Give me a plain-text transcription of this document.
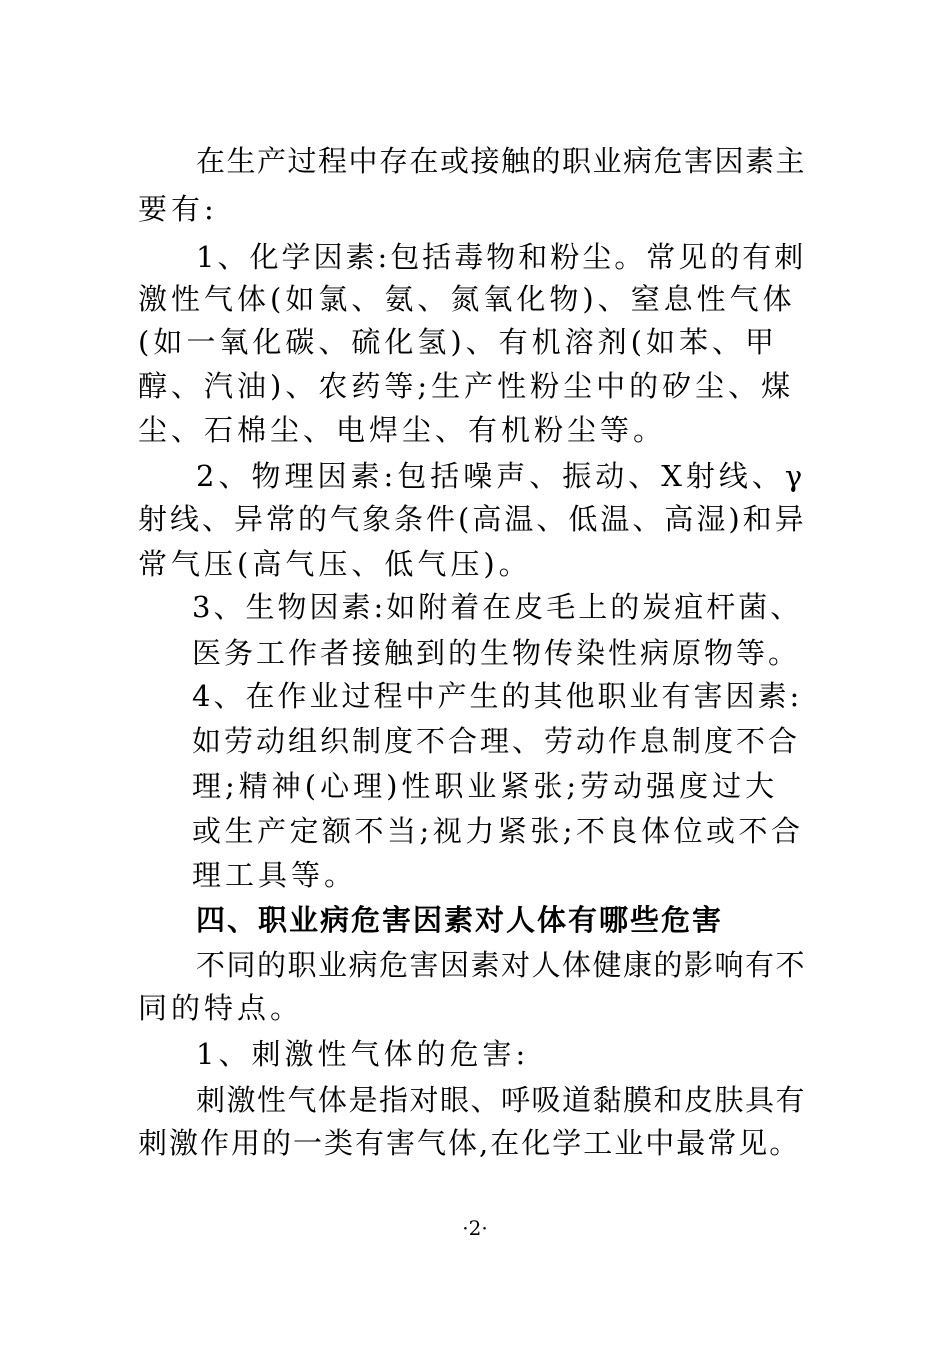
在生产过程中存在或接触的职业病危害因素主
要有:
1、化学因素:包括毒物和粉尘。常见的有刺
激性气体(如氯、氨、氮氧化物)、窒息性气体
(如一氧化碳、硫化氢)、有机溶剂(如苯、甲
醇、汽油)、农药等;生产性粉尘中的矽尘、煤
尘、石棉尘、电焊尘、有机粉尘等。
2、物理因素:包括噪声、振动、X射线、γ
射线、异常的气象条件(高温、低温、高湿)和异
常气压(高气压、低气压)。
3、生物因素:如附着在皮毛上的炭疽杆菌、
医务工作者接触到的生物传染性病原物等。
4、在作业过程中产生的其他职业有害因素:
如劳动组织制度不合理、劳动作息制度不合
理;精神(心理)性职业紧张;劳动强度过大
或生产定额不当;视力紧张;不良体位或不合
理工具等。
四、职业病危害因素对人体有哪些危害
不同的职业病危害因素对人体健康的影响有不
同的特点。
1、刺激性气体的危害:
刺激性气体是指对眼、呼吸道黏膜和皮肤具有
刺激作用的一类有害气体,在化学工业中最常见。
·2·
